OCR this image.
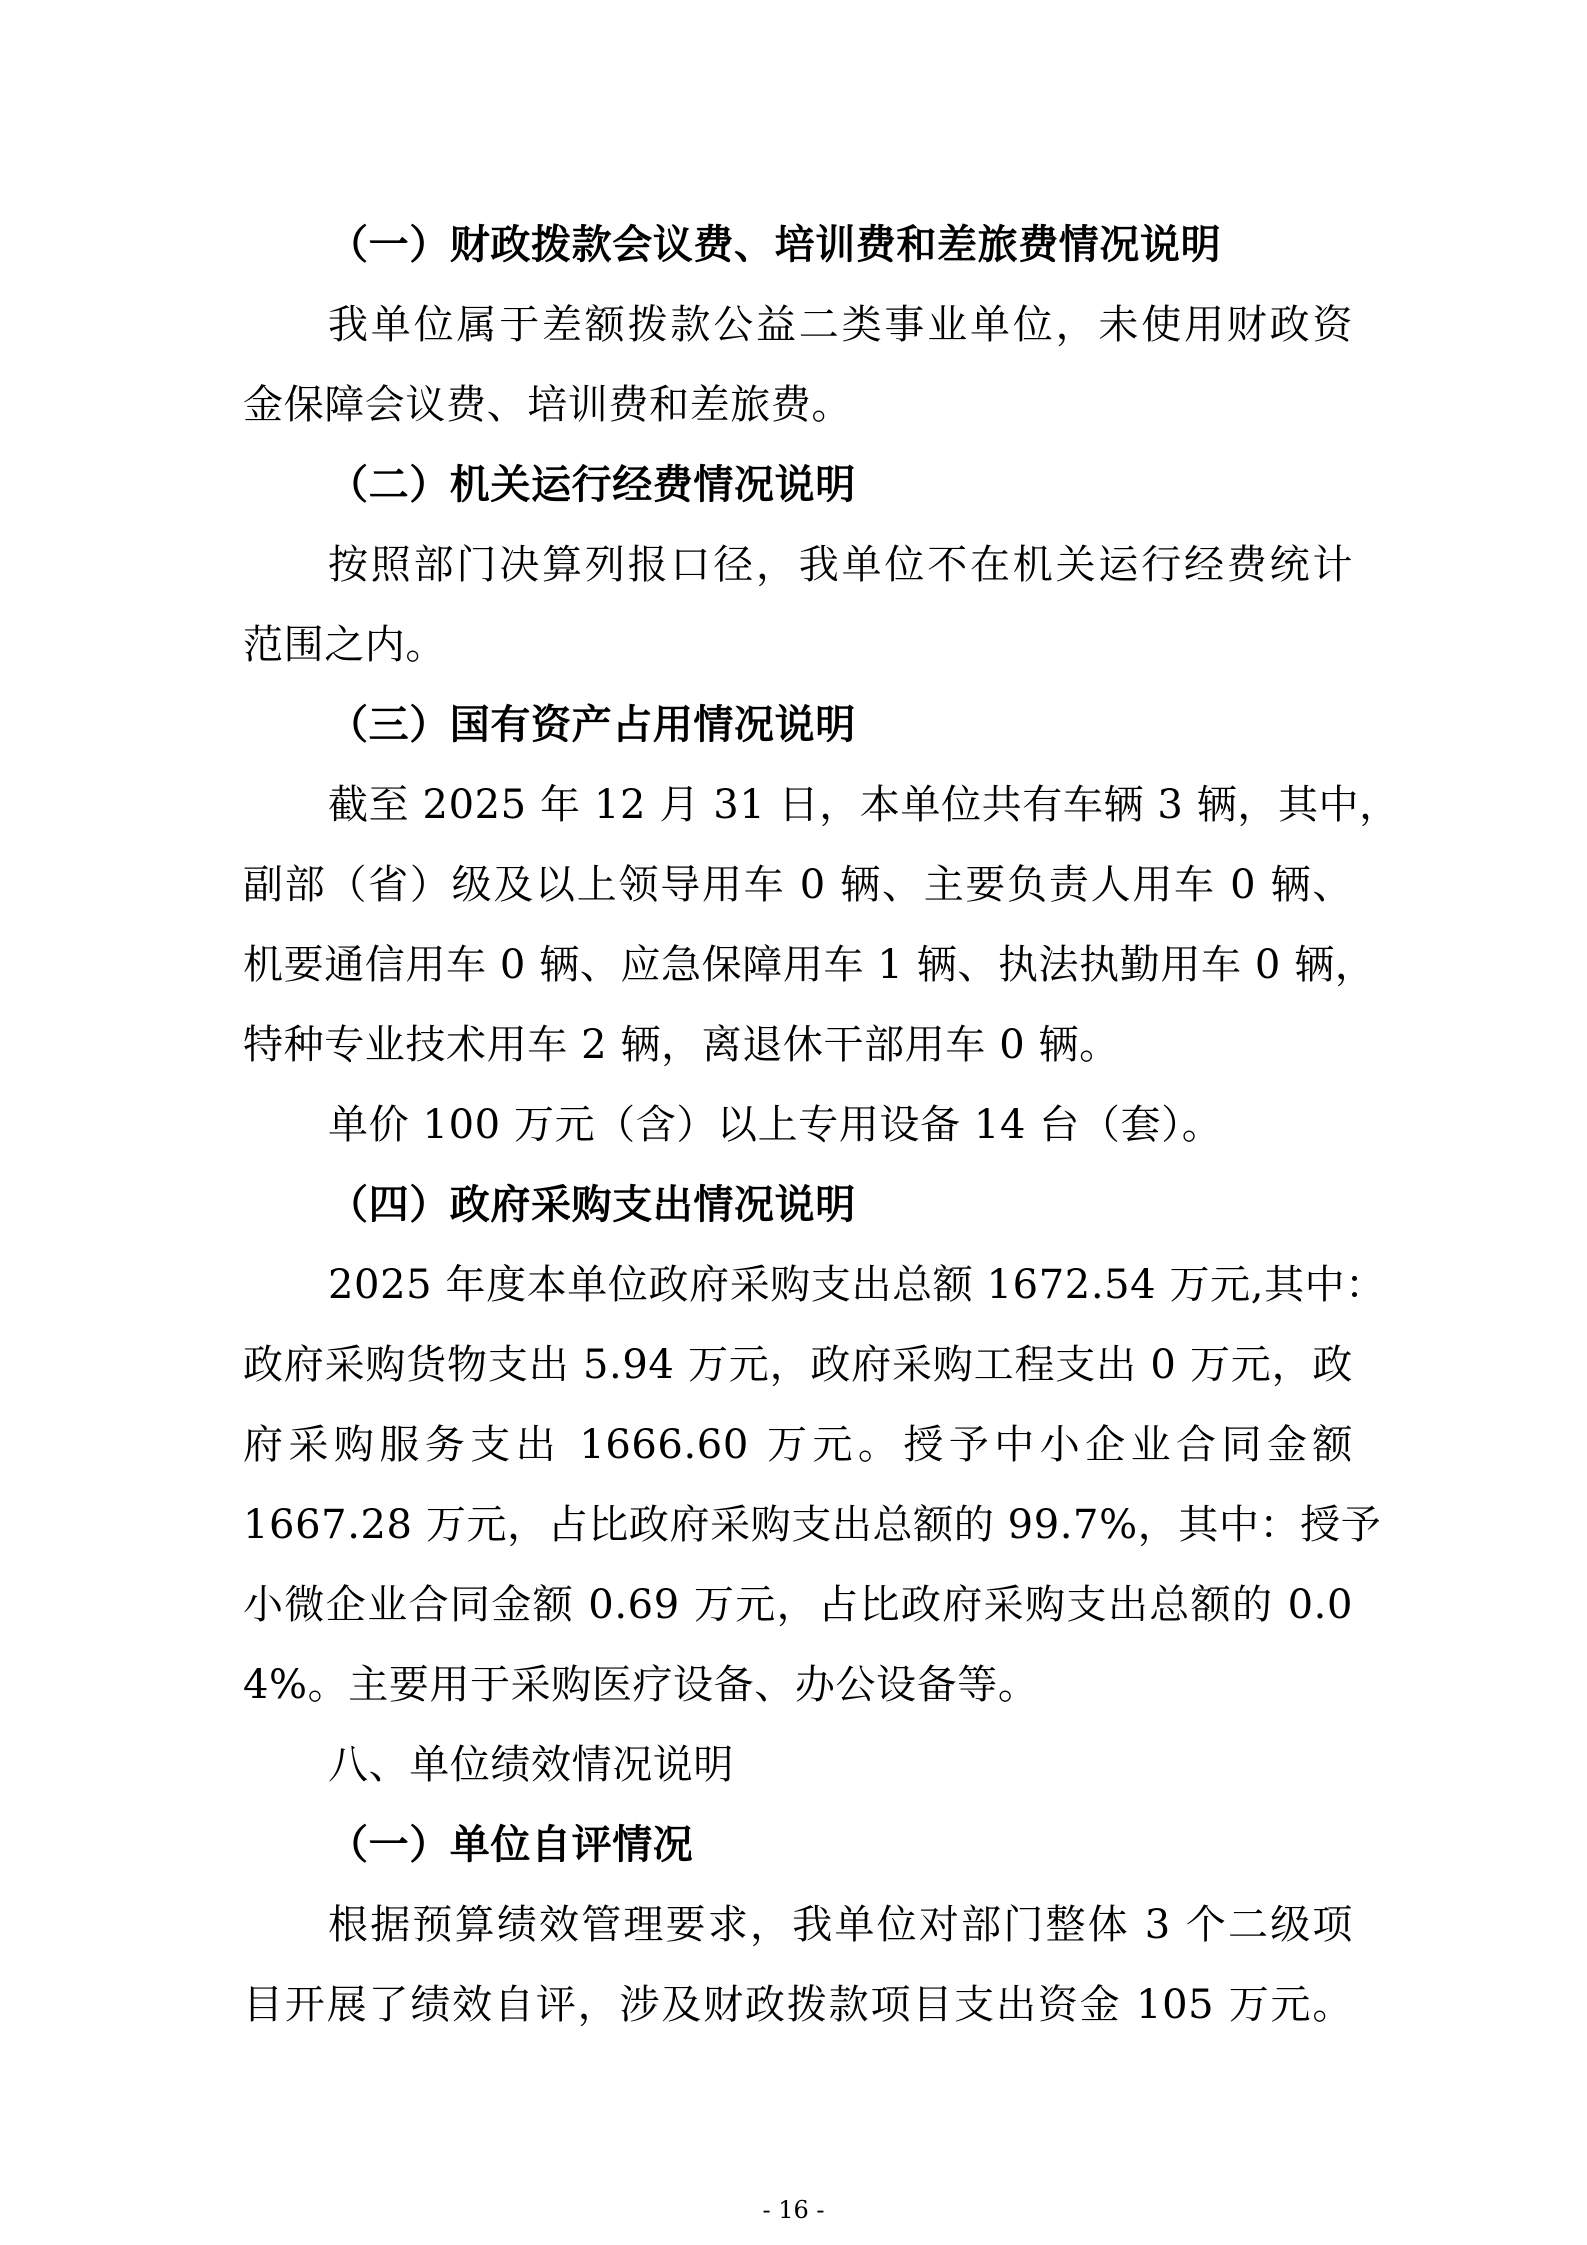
（一）财政拨款会议费、培训费和差旅费情况说明
我单位属于差额拨款公益二类事业单位，未使用财政资
金保障会议费、培训费和差旅费。
（二）机关运行经费情况说明
按照部门决算列报口径，我单位不在机关运行经费统计
范围之内。
（三）国有资产占用情况说明
截至 2025 年 12 月 31 日，本单位共有车辆 3 辆，其中，
副部（省）级及以上领导用车 0 辆、主要负责人用车 0 辆、
机要通信用车 0 辆、应急保障用车 1 辆、执法执勤用车 0 辆，
特种专业技术用车 2 辆，离退休干部用车 0 辆。
单价 100 万元（含）以上专用设备 14 台（套）。
（四）政府采购支出情况说明
2025 年度本单位政府采购支出总额 1672.54 万元,其中：
政府采购货物支出 5.94 万元，政府采购工程支出 0 万元，政
府采购服务支出 1666.60 万元。授予中小企业合同金额
1667.28 万元，占比政府采购支出总额的 99.7%，其中：授予
小微企业合同金额 0.69 万元，占比政府采购支出总额的 0.0
4%。主要用于采购医疗设备、办公设备等。
八、单位绩效情况说明
（一）单位自评情况
根据预算绩效管理要求，我单位对部门整体 3 个二级项
目开展了绩效自评，涉及财政拨款项目支出资金 105 万元。
- 16 -
